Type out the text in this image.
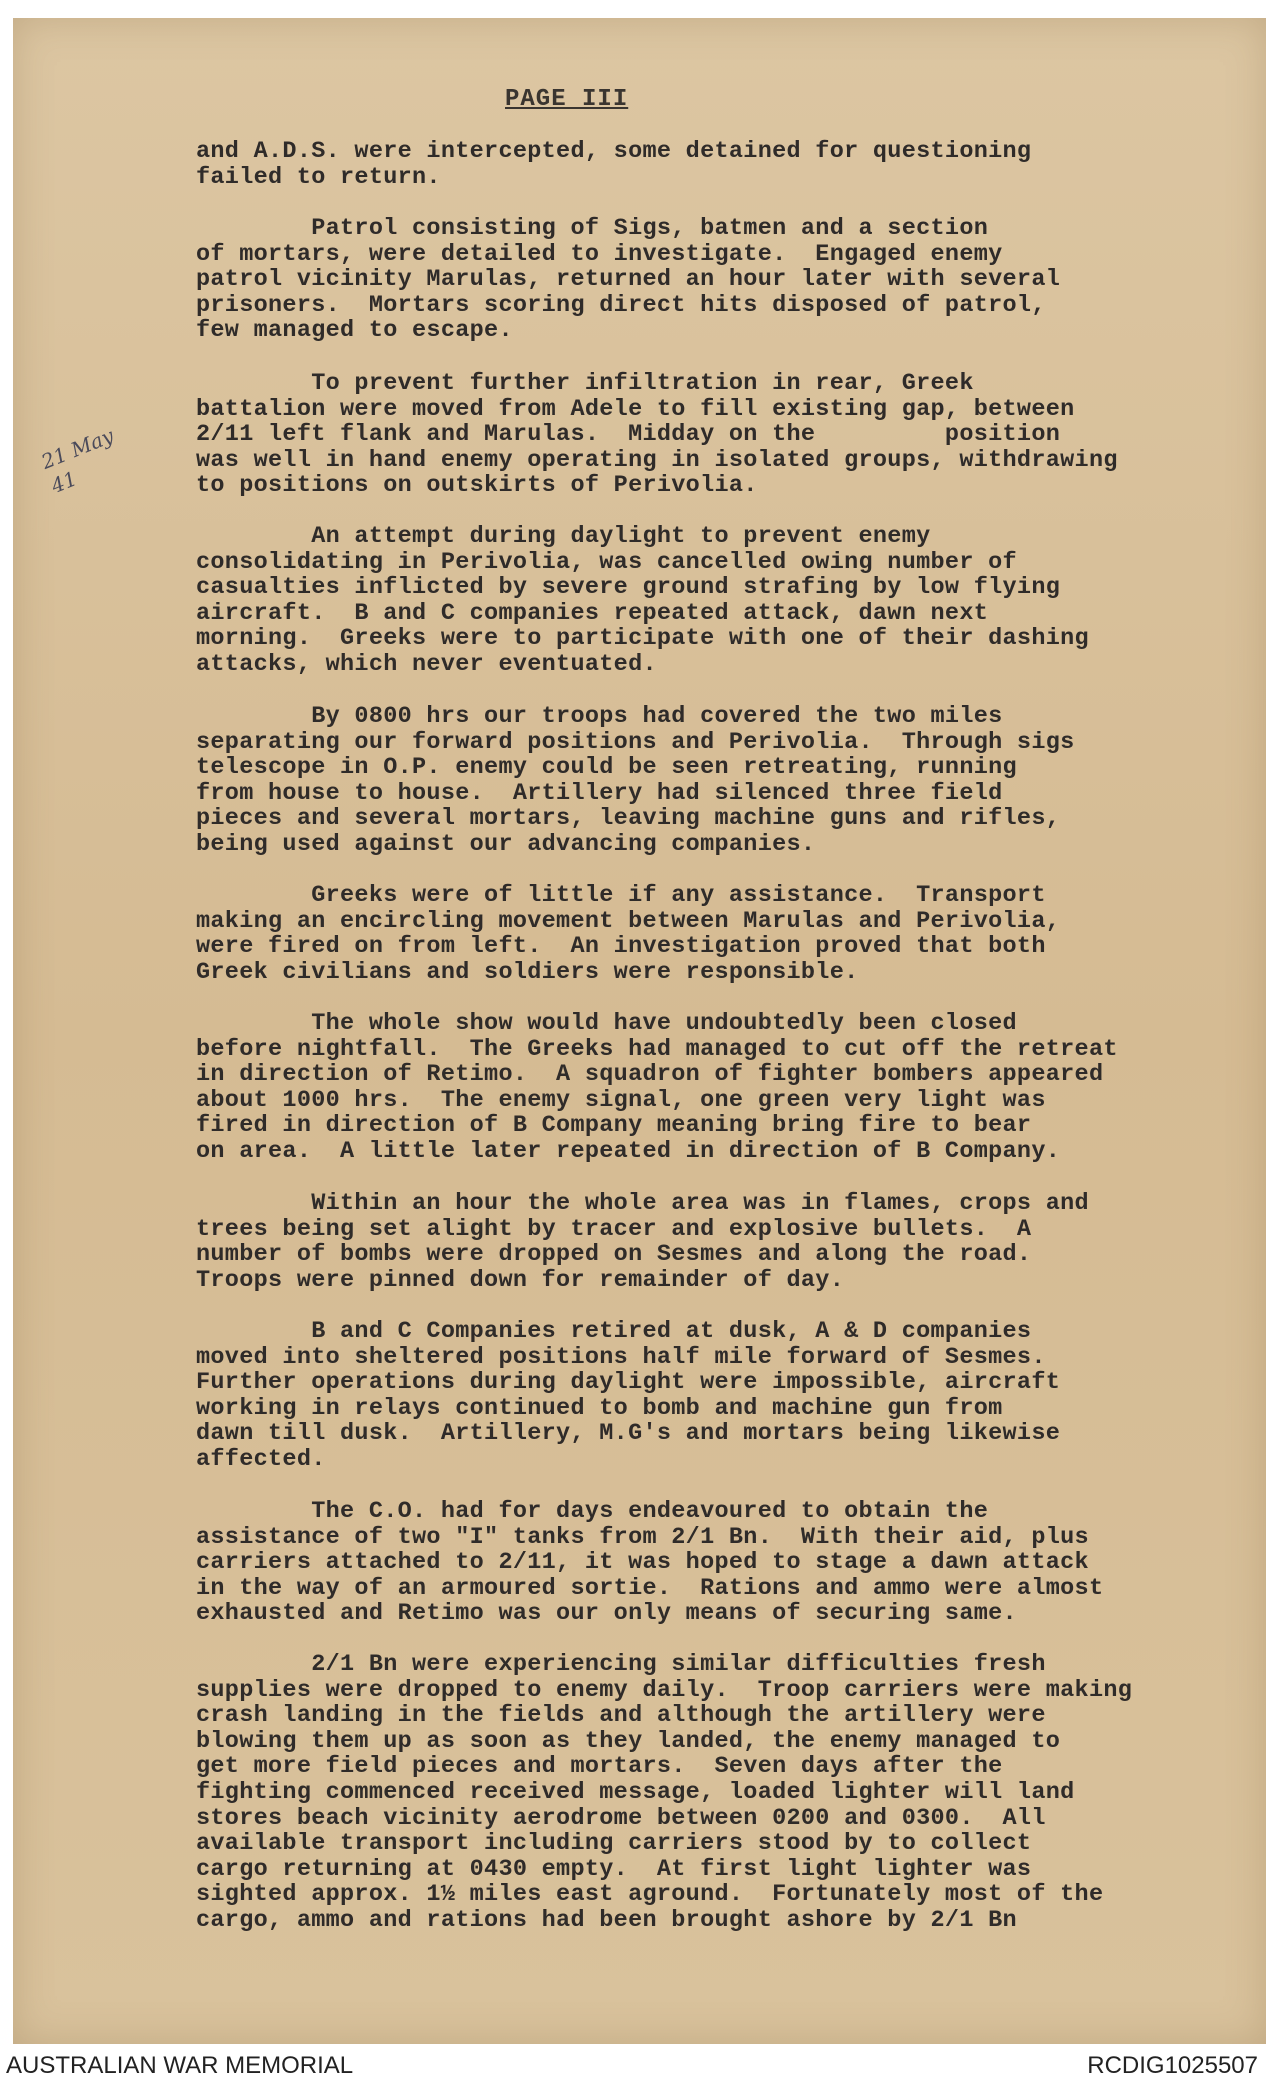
PAGE III
21 May 41
and A.D.S. were intercepted, some detained for questioning
failed to return.
Patrol consisting of Sigs, batmen and a section
of mortars, were detailed to investigate.  Engaged enemy
patrol vicinity Marulas, returned an hour later with several
prisoners.  Mortars scoring direct hits disposed of patrol,
few managed to escape.
To prevent further infiltration in rear, Greek
battalion were moved from Adele to fill existing gap, between
2/11 left flank and Marulas.  Midday on the         position
was well in hand enemy operating in isolated groups, withdrawing
to positions on outskirts of Perivolia.
An attempt during daylight to prevent enemy
consolidating in Perivolia, was cancelled owing number of
casualties inflicted by severe ground strafing by low flying
aircraft.  B and C companies repeated attack, dawn next
morning.  Greeks were to participate with one of their dashing
attacks, which never eventuated.
By 0800 hrs our troops had covered the two miles
separating our forward positions and Perivolia.  Through sigs
telescope in O.P. enemy could be seen retreating, running
from house to house.  Artillery had silenced three field
pieces and several mortars, leaving machine guns and rifles,
being used against our advancing companies.
Greeks were of little if any assistance.  Transport
making an encircling movement between Marulas and Perivolia,
were fired on from left.  An investigation proved that both
Greek civilians and soldiers were responsible.
The whole show would have undoubtedly been closed
before nightfall.  The Greeks had managed to cut off the retreat
in direction of Retimo.  A squadron of fighter bombers appeared
about 1000 hrs.  The enemy signal, one green very light was
fired in direction of B Company meaning bring fire to bear
on area.  A little later repeated in direction of B Company.
Within an hour the whole area was in flames, crops and
trees being set alight by tracer and explosive bullets.  A
number of bombs were dropped on Sesmes and along the road.
Troops were pinned down for remainder of day.
B and C Companies retired at dusk, A & D companies
moved into sheltered positions half mile forward of Sesmes.
Further operations during daylight were impossible, aircraft
working in relays continued to bomb and machine gun from
dawn till dusk.  Artillery, M.G's and mortars being likewise
affected.
The C.O. had for days endeavoured to obtain the
assistance of two "I" tanks from 2/1 Bn.  With their aid, plus
carriers attached to 2/11, it was hoped to stage a dawn attack
in the way of an armoured sortie.  Rations and ammo were almost
exhausted and Retimo was our only means of securing same.
2/1 Bn were experiencing similar difficulties fresh
supplies were dropped to enemy daily.  Troop carriers were making
crash landing in the fields and although the artillery were
blowing them up as soon as they landed, the enemy managed to
get more field pieces and mortars.  Seven days after the
fighting commenced received message, loaded lighter will land
stores beach vicinity aerodrome between 0200 and 0300.  All
available transport including carriers stood by to collect
cargo returning at 0430 empty.  At first light lighter was
sighted approx. 1½ miles east aground.  Fortunately most of the
cargo, ammo and rations had been brought ashore by 2/1 Bn
AUSTRALIAN WAR MEMORIAL	RCDIG1025507
